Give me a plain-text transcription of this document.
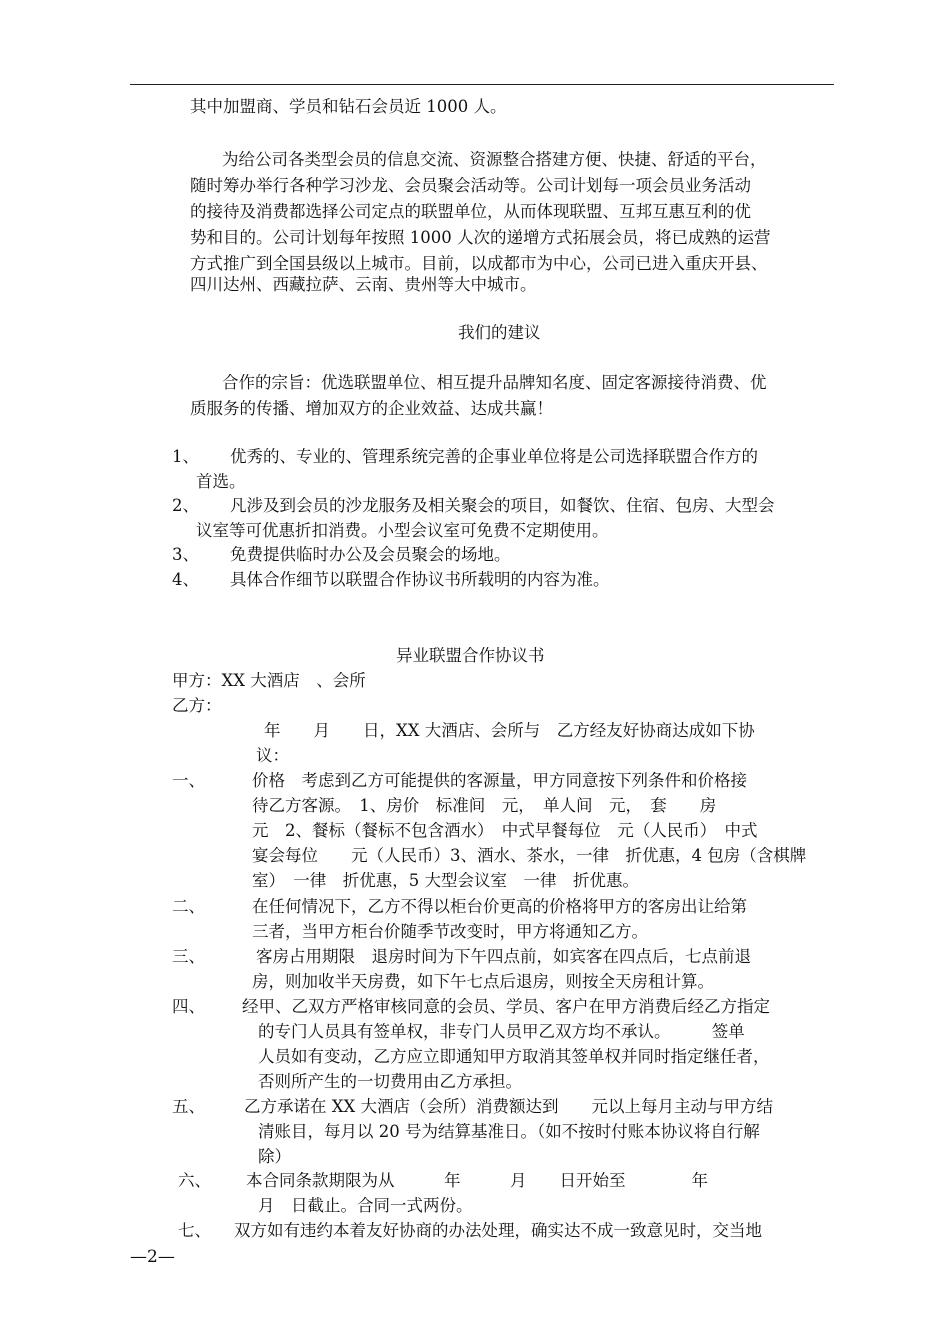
其中加盟商、学员和钻石会员近 1000 人。
为给公司各类型会员的信息交流、资源整合搭建方便、快捷、舒适的平台，
随时筹办举行各种学习沙龙、会员聚会活动等。公司计划每一项会员业务活动
的接待及消费都选择公司定点的联盟单位，从而体现联盟、互邦互惠互利的优
势和目的。公司计划每年按照 1000 人次的递增方式拓展会员，将已成熟的运营
方式推广到全国县级以上城市。目前，以成都市为中心，公司已进入重庆开县、
四川达州、西藏拉萨、云南、贵州等大中城市。
我们的建议
合作的宗旨：优选联盟单位、相互提升品牌知名度、固定客源接待消费、优
质服务的传播、增加双方的企业效益、达成共赢！
1、 优秀的、专业的、管理系统完善的企事业单位将是公司选择联盟合作方的
首选。
2、 凡涉及到会员的沙龙服务及相关聚会的项目，如餐饮、住宿、包房、大型会
议室等可优惠折扣消费。小型会议室可免费不定期使用。
3、 免费提供临时办公及会员聚会的场地。
4、 具体合作细节以联盟合作协议书所载明的内容为准。
异业联盟合作协议书
甲方：XX 大酒店　、会所
乙方：
年　　月　　日，XX 大酒店、会所与　乙方经友好协商达成如下协
议：
一、	价格　考虑到乙方可能提供的客源量，甲方同意按下列条件和价格接
待乙方客源。　1、房价　标准间　元，　单人间　元，　套　　房
元　2、餐标（餐标不包含酒水）　中式早餐每位　元（人民币）　中式
宴会每位　　元（人民币）3、酒水、茶水，一律　折优惠，4 包房（含棋牌
室）　一律　折优惠，5 大型会议室　一律　折优惠。
二、	在任何情况下，乙方不得以柜台价更高的价格将甲方的客房出让给第
三者，当甲方柜台价随季节改变时，甲方将通知乙方。
三、	客房占用期限　退房时间为下午四点前，如宾客在四点后，七点前退
房，则加收半天房费，如下午七点后退房，则按全天房租计算。
四、 经甲、乙双方严格审核同意的会员、学员、客户在甲方消费后经乙方指定
的专门人员具有签单权，非专门人员甲乙双方均不承认。　　　签单
人员如有变动，乙方应立即通知甲方取消其签单权并同时指定继任者，
否则所产生的一切费用由乙方承担。
五、 乙方承诺在 XX 大酒店（会所）消费额达到　　元以上每月主动与甲方结
清账目，每月以 20 号为结算基准日。（如不按时付账本协议将自行解
除）
六、 本合同条款期限为从　　　年　　　月　　日开始至　　　　年
月　日截止。合同一式两份。
七、 双方如有违约本着友好协商的办法处理，确实达不成一致意见时，交当地
—2—
